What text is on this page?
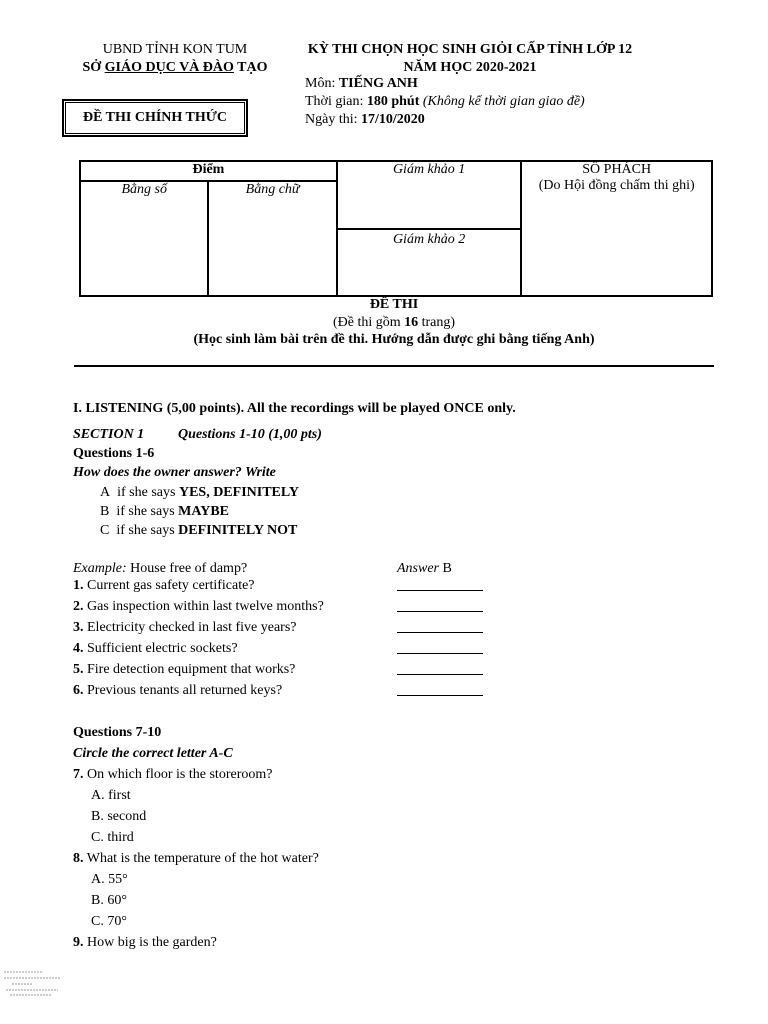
UBND TỈNH KON TUM
SỞ GIÁO DỤC VÀ ĐÀO TẠO
KỲ THI CHỌN HỌC SINH GIỎI CẤP TỈNH LỚP 12
NĂM HỌC 2020-2021
ĐỀ THI CHÍNH THỨC
Môn: TIẾNG ANH
Thời gian: 180 phút (Không kể thời gian giao đề)
Ngày thi: 17/10/2020
Điểm		Giám khảo 1	SỐ PHÁCH
(Do Hội đồng chấm thi ghi)

Bằng số	Bằng chữ		
		Giám khảo 2	
ĐỀ THI
(Đề thi gồm 16 trang)
(Học sinh làm bài trên đề thi. Hướng dẫn được ghi bằng tiếng Anh)
I. LISTENING (5,00 points). All the recordings will be played ONCE only.
SECTION 1 Questions 1-10 (1,00 pts)
Questions 1-6
How does the owner answer? Write
A if she says YES, DEFINITELY
B if she says MAYBE
C if she says DEFINITELY NOT
Example: House free of damp?	Answer B
1. Current gas safety certificate?
2. Gas inspection within last twelve months?
3. Electricity checked in last five years?
4. Sufficient electric sockets?
5. Fire detection equipment that works?
6. Previous tenants all returned keys?
Questions 7-10
Circle the correct letter A-C
7. On which floor is the storeroom?
A. first
B. second
C. third
8. What is the temperature of the hot water?
A. 55°
B. 60°
C. 70°
9. How big is the garden?
